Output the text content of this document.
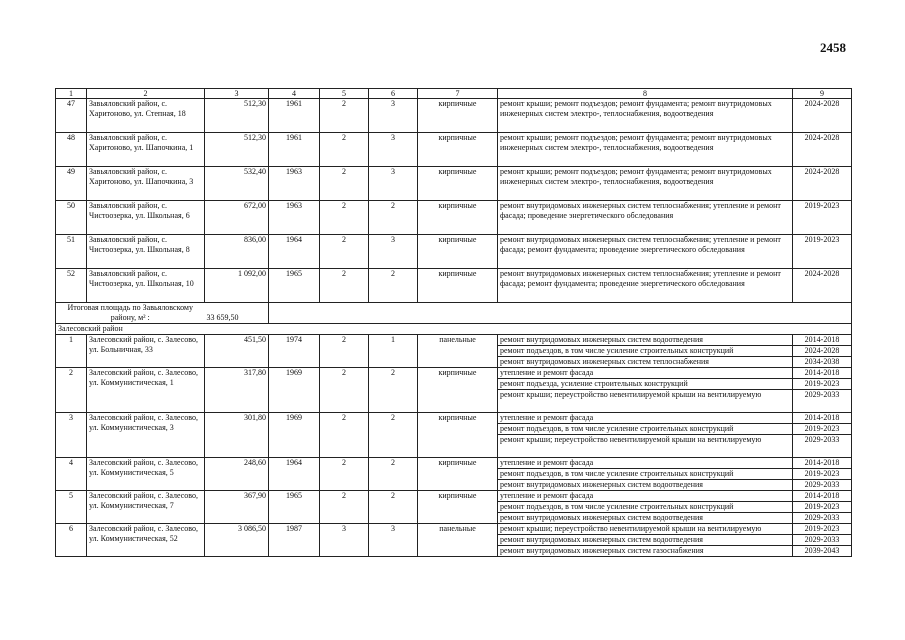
2458
1	2	3	4	5	6	7	8	9
47	Завьяловский район, с. Харитоново, ул. Степная, 18	512,30	1961	2	3	кирпичные	ремонт крыши; ремонт подъездов; ремонт фундамента; ремонт внутридомовых инженерных систем электро-, теплоснабжения, водоотведения	2024-2028
48	Завьяловский район, с. Харитоново, ул. Шапочкина, 1	512,30	1961	2	3	кирпичные	ремонт крыши; ремонт подъездов; ремонт фундамента; ремонт внутридомовых инженерных систем электро-, теплоснабжения, водоотведения	2024-2028
49	Завьяловский район, с. Харитоново, ул. Шапочкина, 3	532,40	1963	2	3	кирпичные	ремонт крыши; ремонт подъездов; ремонт фундамента; ремонт внутридомовых инженерных систем электро-, теплоснабжения, водоотведения	2024-2028
50	Завьяловский район, с. Чистоозерка, ул. Школьная, 6	672,00	1963	2	2	кирпичные	ремонт внутридомовых инженерных систем теплоснабжения; утепление и ремонт фасада; проведение энергетического обследования	2019-2023
51	Завьяловский район, с. Чистоозерка, ул. Школьная, 8	836,00	1964	2	3	кирпичные	ремонт внутридомовых инженерных систем теплоснабжения; утепление и ремонт фасада; ремонт фундамента; проведение энергетического обследования	2019-2023
52	Завьяловский район, с. Чистоозерка, ул. Школьная, 10	1 092,00	1965	2	2	кирпичные	ремонт внутридомовых инженерных систем теплоснабжения; утепление и ремонт фасада; ремонт фундамента; проведение энергетического обследования	2024-2028
Итоговая площадь по Завьяловскому району, м² :		33 659,50						
Залесовский район								
1	Залесовский район, с. Залесово, ул. Больничная, 33	451,50	1974	2	1	панельные	ремонт внутридомовых инженерных систем водоотведения	2014-2018
							ремонт подъездов, в том числе усиление строительных конструкций	2024-2028
							ремонт внутридомовых инженерных систем теплоснабжения	2034-2038
2	Залесовский район, с. Залесово, ул. Коммунистическая, 1	317,80	1969	2	2	кирпичные	утепление и ремонт фасада	2014-2018
							ремонт подъезда, усиление строительных конструкций	2019-2023
							ремонт крыши; переустройство невентилируемой крыши на вентилируемую	2029-2033
3	Залесовский район, с. Залесово, ул. Коммунистическая, 3	301,80	1969	2	2	кирпичные	утепление и ремонт фасада	2014-2018
							ремонт подъездов, в том числе усиление строительных конструкций	2019-2023
							ремонт крыши; переустройство невентилируемой крыши на вентилируемую	2029-2033
4	Залесовский район, с. Залесово, ул. Коммунистическая, 5	248,60	1964	2	2	кирпичные	утепление и ремонт фасада	2014-2018
							ремонт подъездов, в том числе усиление строительных конструкций	2019-2023
							ремонт внутридомовых инженерных систем водоотведения	2029-2033
5	Залесовский район, с. Залесово, ул. Коммунистическая, 7	367,90	1965	2	2	кирпичные	утепление и ремонт фасада	2014-2018
							ремонт подъездов, в том числе усиление строительных конструкций	2019-2023
							ремонт внутридомовых инженерных систем водоотведения	2029-2033
6	Залесовский район, с. Залесово, ул. Коммунистическая, 52	3 086,50	1987	3	3	панельные	ремонт крыши; переустройство невентилируемой крыши на вентилируемую	2019-2023
							ремонт внутридомовых инженерных систем водоотведения	2029-2033
							ремонт внутридомовых инженерных систем газоснабжения	2039-2043
